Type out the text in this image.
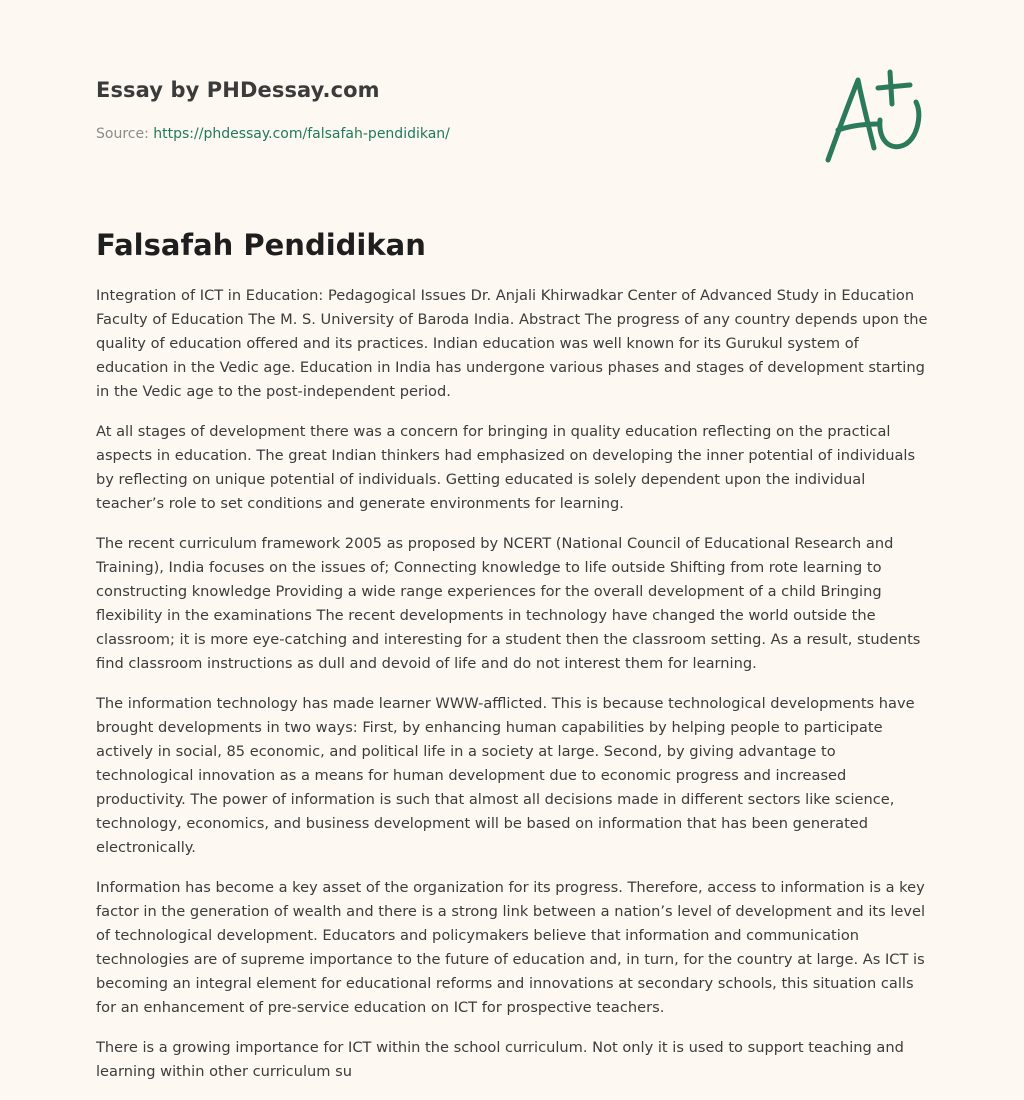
Essay by PHDessay.com
Source: https://phdessay.com/falsafah-pendidikan/
Falsafah Pendidikan

Integration of ICT in Education: Pedagogical Issues Dr. Anjali Khirwadkar Center of Advanced Study in Education Faculty of Education The M. S. University of Baroda India. Abstract The progress of any country depends upon the quality of education offered and its practices. Indian education was well known for its Gurukul system of education in the Vedic age. Education in India has undergone various phases and stages of development starting in the Vedic age to the post-independent period.

At all stages of development there was a concern for bringing in quality education reflecting on the practical aspects in education. The great Indian thinkers had emphasized on developing the inner potential of individuals by reflecting on unique potential of individuals. Getting educated is solely dependent upon the individual teacher’s role to set conditions and generate environments for learning.

The recent curriculum framework 2005 as proposed by NCERT (National Council of Educational Research and Training), India focuses on the issues of; Connecting knowledge to life outside Shifting from rote learning to constructing knowledge Providing a wide range experiences for the overall development of a child Bringing flexibility in the examinations The recent developments in technology have changed the world outside the classroom; it is more eye-catching and interesting for a student then the classroom setting. As a result, students find classroom instructions as dull and devoid of life and do not interest them for learning.

The information technology has made learner WWW-afflicted. This is because technological developments have brought developments in two ways: First, by enhancing human capabilities by helping people to participate actively in social, 85 economic, and political life in a society at large. Second, by giving advantage to technological innovation as a means for human development due to economic progress and increased productivity. The power of information is such that almost all decisions made in different sectors like science, technology, economics, and business development will be based on information that has been generated electronically.

Information has become a key asset of the organization for its progress. Therefore, access to information is a key factor in the generation of wealth and there is a strong link between a nation’s level of development and its level of technological development. Educators and policymakers believe that information and communication technologies are of supreme importance to the future of education and, in turn, for the country at large. As ICT is becoming an integral element for educational reforms and innovations at secondary schools, this situation calls for an enhancement of pre-service education on ICT for prospective teachers.

There is a growing importance for ICT within the school curriculum. Not only it is used to support teaching and learning within other curriculum su
